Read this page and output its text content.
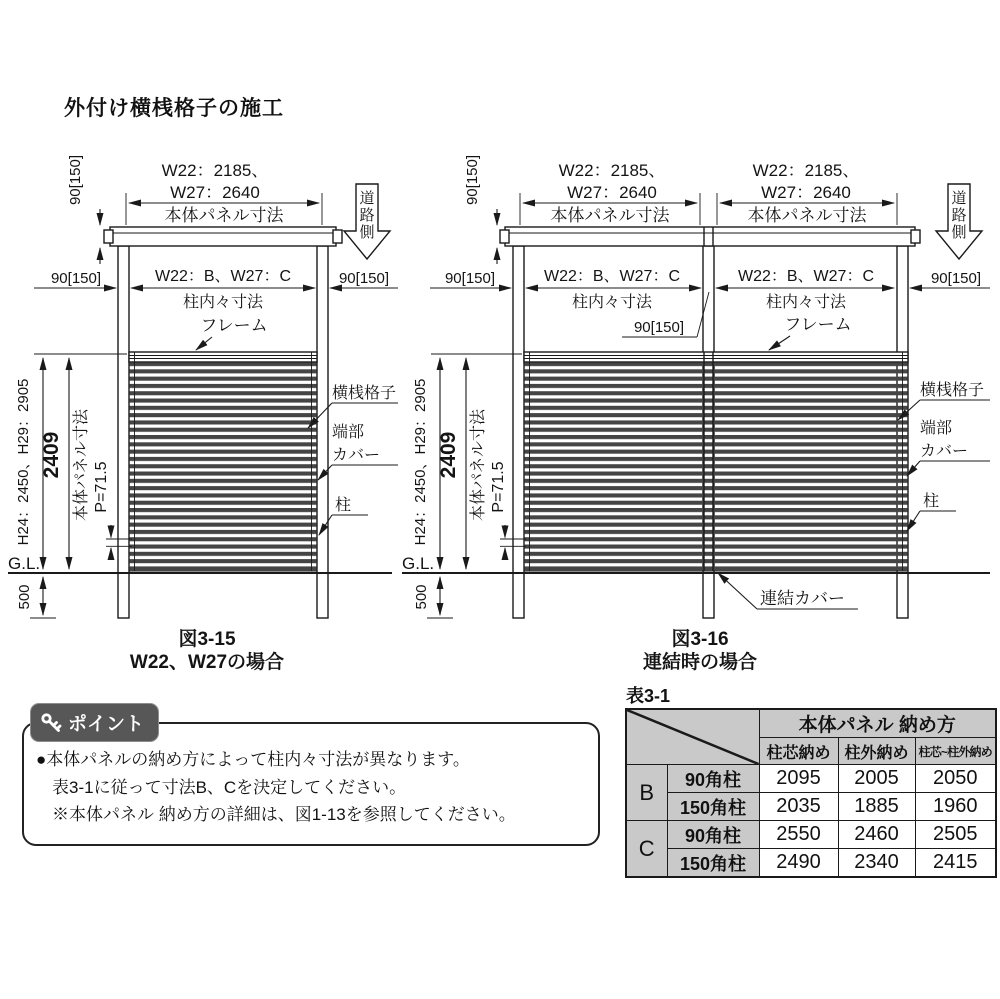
外付け横桟格子の施工
90[150]	W22：2185、
W27：2640
本体パネル寸法
道
路
側
90[150]	W22：B、W27：C	90[150]
柱内々寸法
フレーム
横桟格子
端部
カバー
柱
H24：2450、H29：2905 2409 本体パネル寸法 P=71.5
G.L.
500
図3-15
W22、W27の場合
90[150]	W22：2185、
W27：2640
W22：2185、
W27：2640
本体パネル寸法	本体パネル寸法
道
路
側
90[150]	W22：B、W27：C	W22：B、W27：C	90[150]
柱内々寸法	柱内々寸法
90[150]	フレーム
横桟格子
端部
カバー
柱
H24：2450、H29：2905 2409 本体パネル寸法 P=71.5
G.L.
500	連結カバー
図3-16
連結時の場合
ポイント
●本体パネルの納め方によって柱内々寸法が異なります。
表3-1に従って寸法B、Cを決定してください。
※本体パネル 納め方の詳細は、図1-13を参照してください。
表3-1
	本体パネル 納め方		
		柱芯納め	柱外納め	柱芯~柱外納め
B	90角柱	2095	2005	2050
	150角柱	2035	1885	1960
C	90角柱	2550	2460	2505
	150角柱	2490	2340	2415
